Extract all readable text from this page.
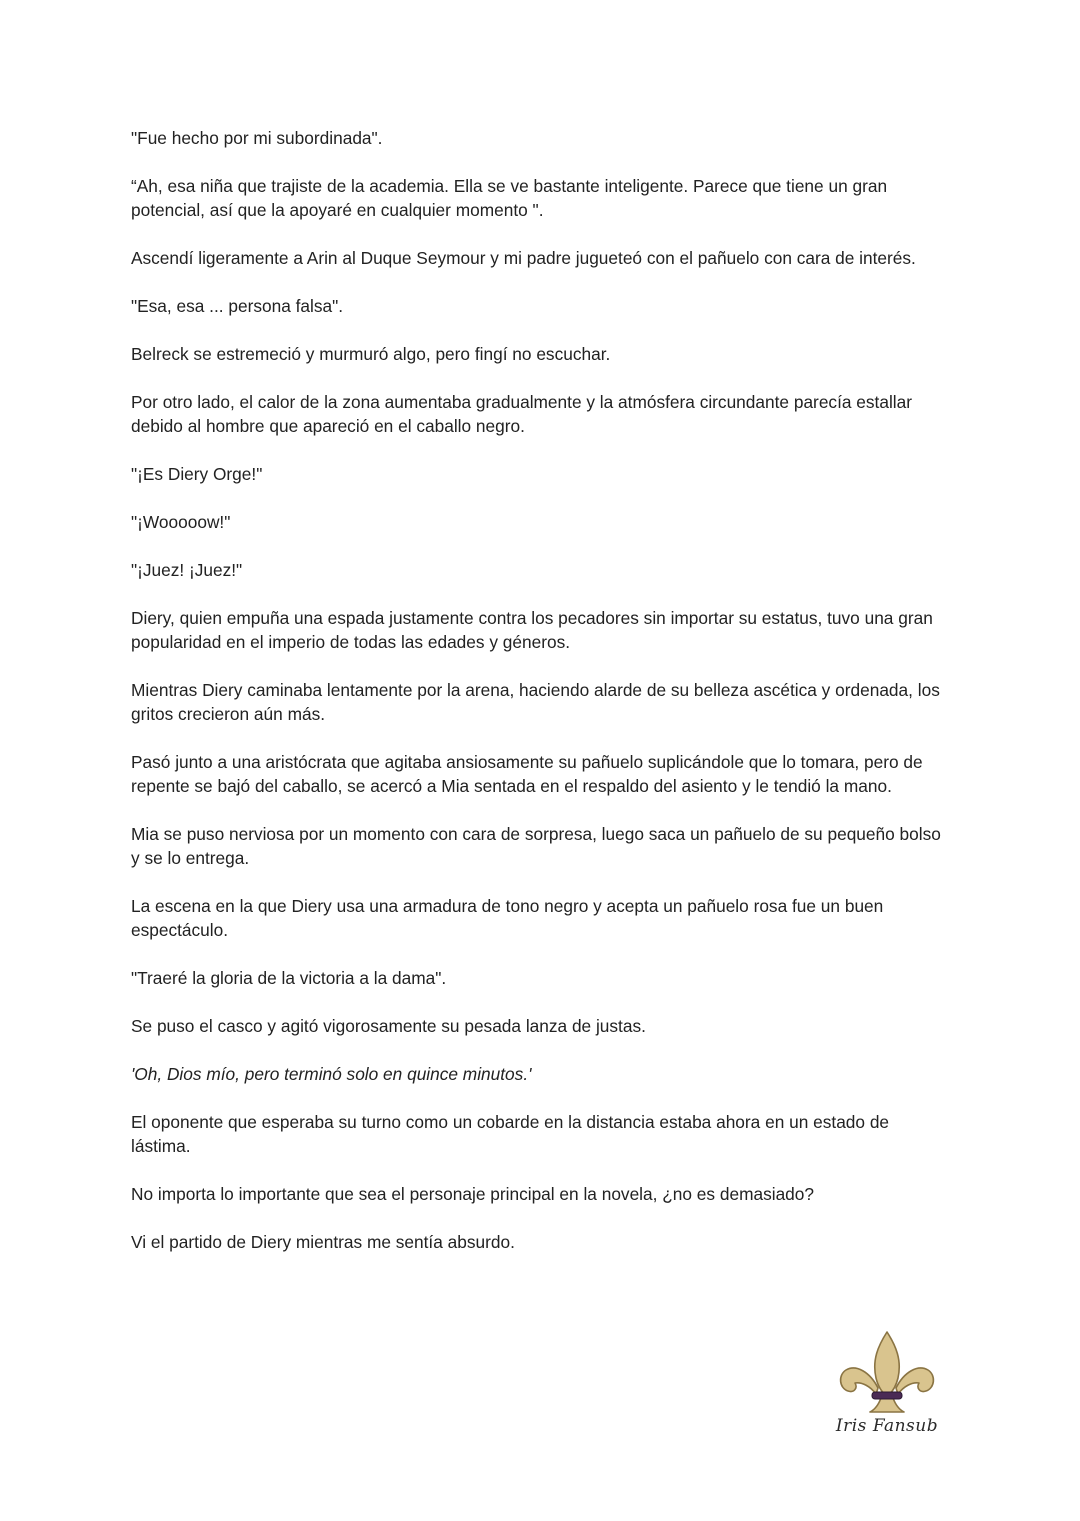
"Fue hecho por mi subordinada".

“Ah, esa niña que trajiste de la academia. Ella se ve bastante inteligente. Parece que tiene un gran potencial, así que la apoyaré en cualquier momento ".

Ascendí ligeramente a Arin al Duque Seymour y mi padre jugueteó con el pañuelo con cara de interés.

"Esa, esa ... persona falsa".

Belreck se estremeció y murmuró algo, pero fingí no escuchar.

Por otro lado, el calor de la zona aumentaba gradualmente y la atmósfera circundante parecía estallar debido al hombre que apareció en el caballo negro.

"¡Es Diery Orge!"

"¡Wooooow!"

"¡Juez! ¡Juez!"

Diery, quien empuña una espada justamente contra los pecadores sin importar su estatus, tuvo una gran popularidad en el imperio de todas las edades y géneros.

Mientras Diery caminaba lentamente por la arena, haciendo alarde de su belleza ascética y ordenada, los gritos crecieron aún más.

Pasó junto a una aristócrata que agitaba ansiosamente su pañuelo suplicándole que lo tomara, pero de repente se bajó del caballo, se acercó a Mia sentada en el respaldo del asiento y le tendió la mano.

Mia se puso nerviosa por un momento con cara de sorpresa, luego saca un pañuelo de su pequeño bolso y se lo entrega.

La escena en la que Diery usa una armadura de tono negro y acepta un pañuelo rosa fue un buen espectáculo.

"Traeré la gloria de la victoria a la dama".

Se puso el casco y agitó vigorosamente su pesada lanza de justas.

'Oh, Dios mío, pero terminó solo en quince minutos.'

El oponente que esperaba su turno como un cobarde en la distancia estaba ahora en un estado de lástima.

No importa lo importante que sea el personaje principal en la novela, ¿no es demasiado?

Vi el partido de Diery mientras me sentía absurdo.

Iris Fansub
